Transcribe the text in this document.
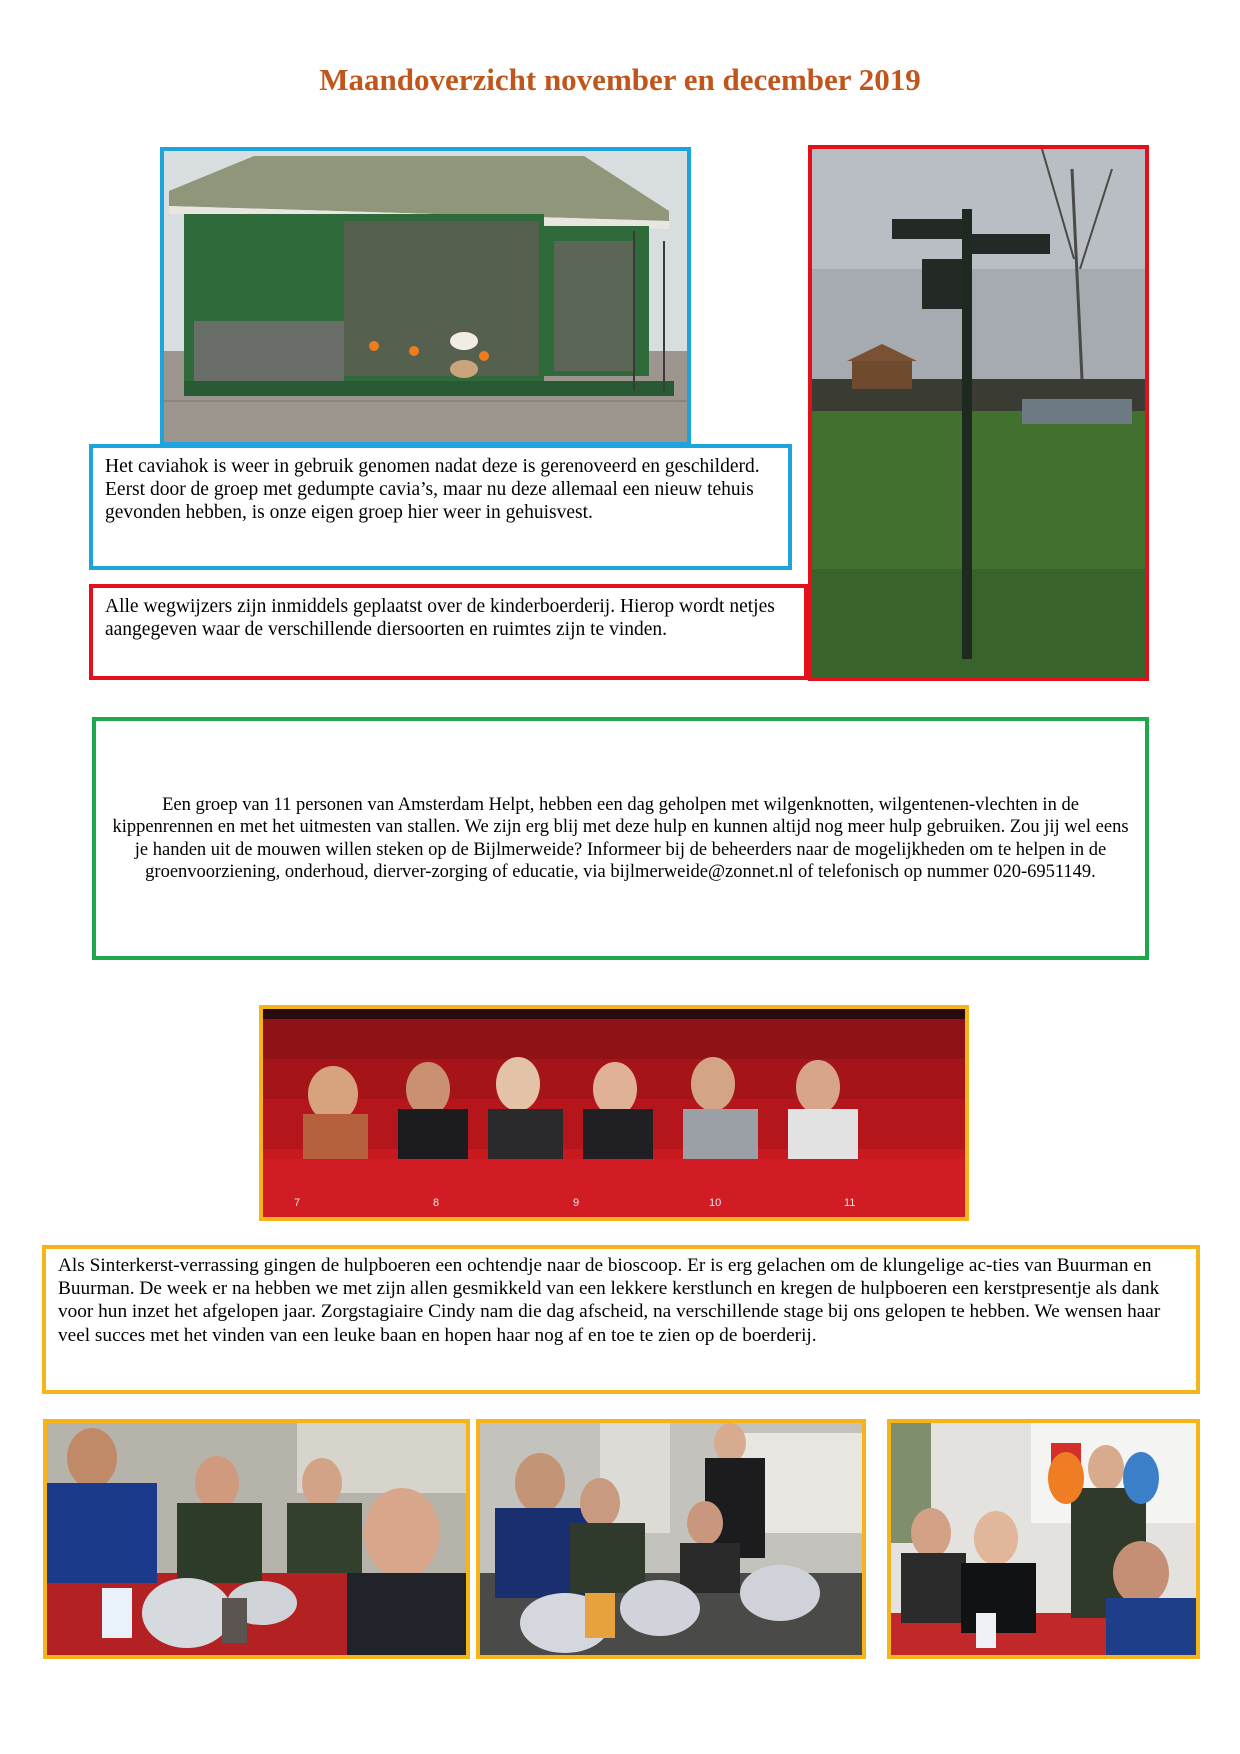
Maandoverzicht november en december 2019
Het caviahok is weer in gebruik genomen nadat deze is gerenoveerd en geschilderd. Eerst door de groep met gedumpte cavia’s, maar nu deze allemaal een nieuw tehuis gevonden hebben, is onze eigen groep hier weer in gehuisvest.
Alle wegwijzers zijn inmiddels geplaatst over de kinderboerderij. Hierop wordt netjes aangegeven waar de verschillende diersoorten en ruimtes zijn te vinden.
Een groep van 11 personen van Amsterdam Helpt, hebben een dag geholpen met wilgenknotten, wilgentenen-vlechten in de kippenrennen en met het uitmesten van stallen. We zijn erg blij met deze hulp en kunnen altijd nog meer hulp gebruiken. Zou jij wel eens je handen uit de mouwen willen steken op de Bijlmerweide? Informeer bij de beheerders naar de mogelijkheden om te helpen in de groenvoorziening, onderhoud, dierver-zorging of educatie, via bijlmerweide@zonnet.nl of telefonisch op nummer 020-6951149.
7	8	9	10	11
Als Sinterkerst-verrassing gingen de hulpboeren een ochtendje naar de bioscoop. Er is erg gelachen om de klungelige ac-ties van Buurman en Buurman. De week er na hebben we met zijn allen gesmikkeld van een lekkere kerstlunch en kregen de hulpboeren een kerstpresentje als dank voor hun inzet het afgelopen jaar. Zorgstagiaire Cindy nam die dag afscheid, na verschillende stage bij ons gelopen te hebben. We wensen haar veel succes met het vinden van een leuke baan en hopen haar nog af en toe te zien op de boerderij.
